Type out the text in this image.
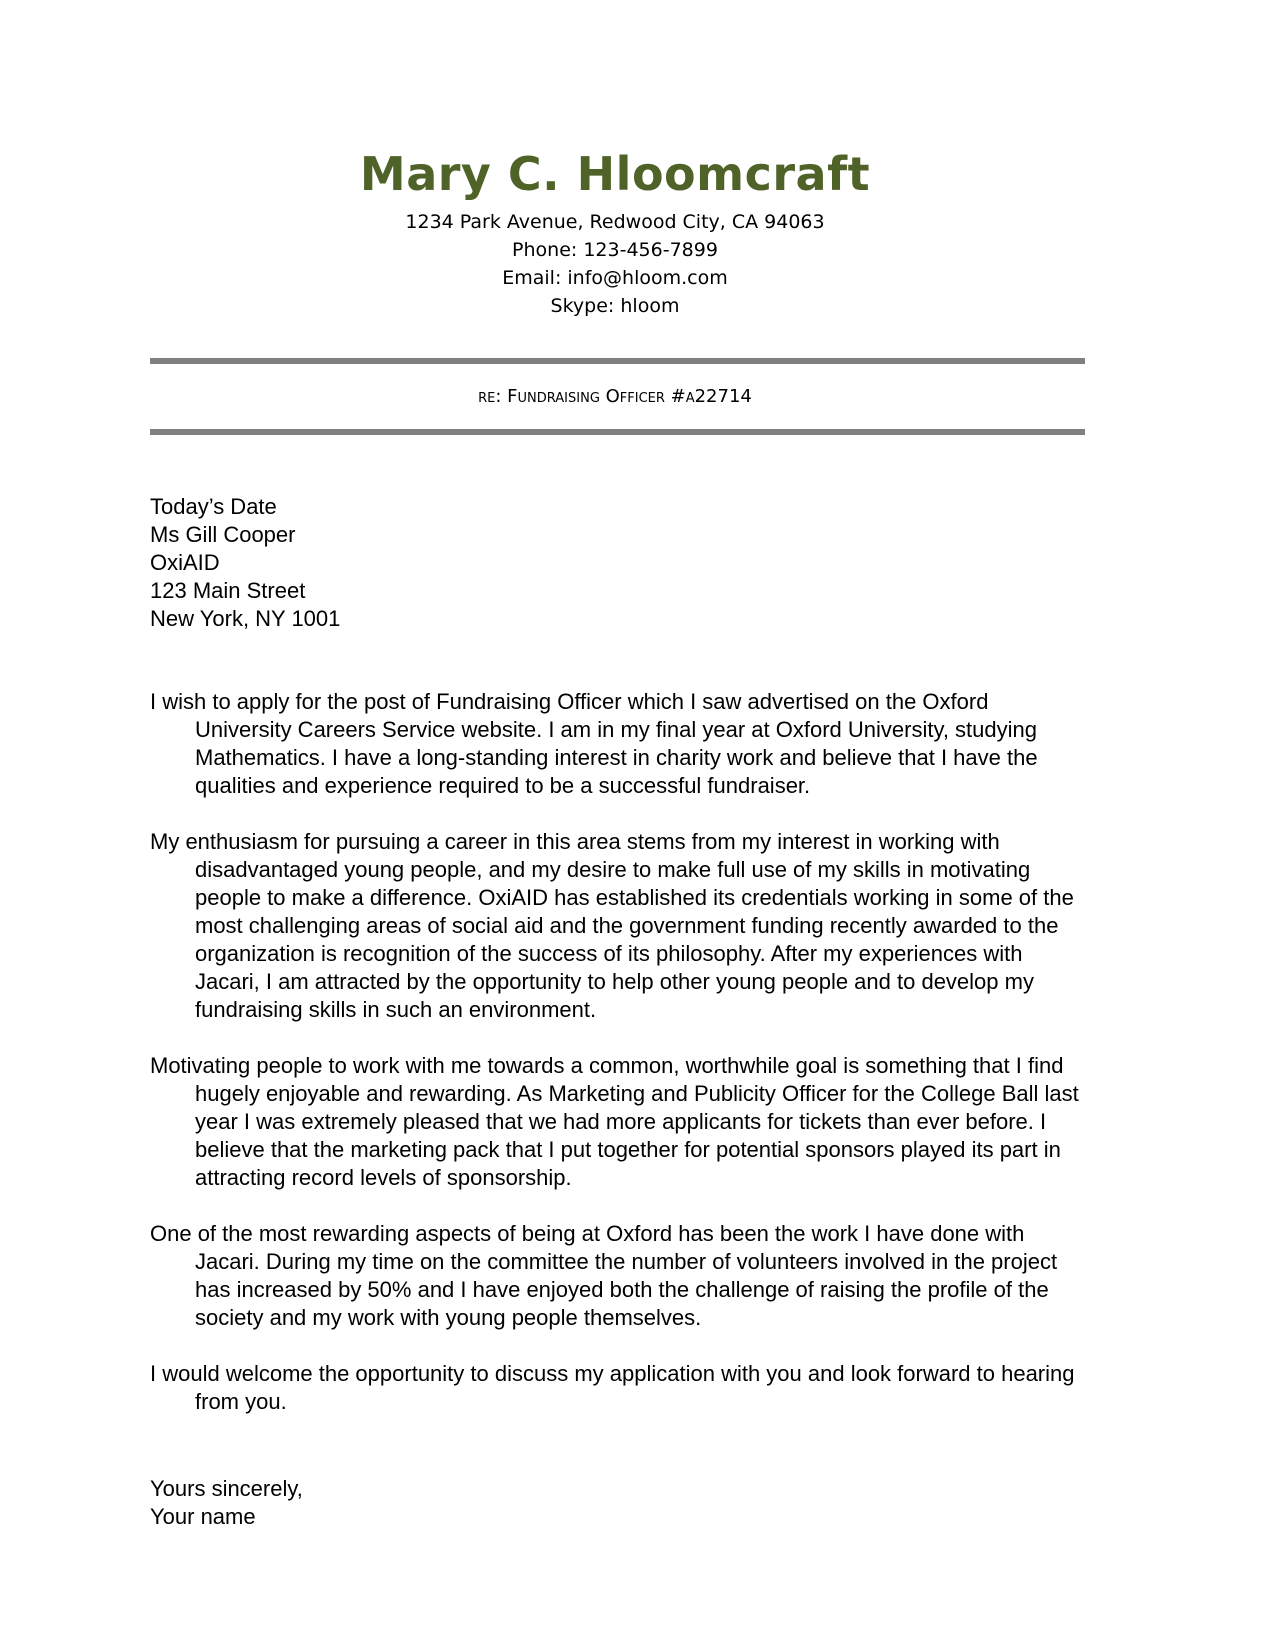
Mary C. Hloomcraft
1234 Park Avenue, Redwood City, CA 94063
Phone: 123-456-7899
Email: info@hloom.com
Skype: hloom
re: Fundraising Officer #a22714
Today’s Date
Ms Gill Cooper
OxiAID
123 Main Street
New York, NY 1001

I wish to apply for the post of Fundraising Officer which I saw advertised on the Oxford University Careers Service website. I am in my final year at Oxford University, studying Mathematics. I have a long-standing interest in charity work and believe that I have the qualities and experience required to be a successful fundraiser.

My enthusiasm for pursuing a career in this area stems from my interest in working with disadvantaged young people, and my desire to make full use of my skills in motivating people to make a difference. OxiAID has established its credentials working in some of the most challenging areas of social aid and the government funding recently awarded to the organization is recognition of the success of its philosophy. After my experiences with Jacari, I am attracted by the opportunity to help other young people and to develop my fundraising skills in such an environment.

Motivating people to work with me towards a common, worthwhile goal is something that I find hugely enjoyable and rewarding. As Marketing and Publicity Officer for the College Ball last year I was extremely pleased that we had more applicants for tickets than ever before. I believe that the marketing pack that I put together for potential sponsors played its part in attracting record levels of sponsorship.

One of the most rewarding aspects of being at Oxford has been the work I have done with Jacari. During my time on the committee the number of volunteers involved in the project has increased by 50% and I have enjoyed both the challenge of raising the profile of the society and my work with young people themselves.

I would welcome the opportunity to discuss my application with you and look forward to hearing from you.

Yours sincerely,
Your name
